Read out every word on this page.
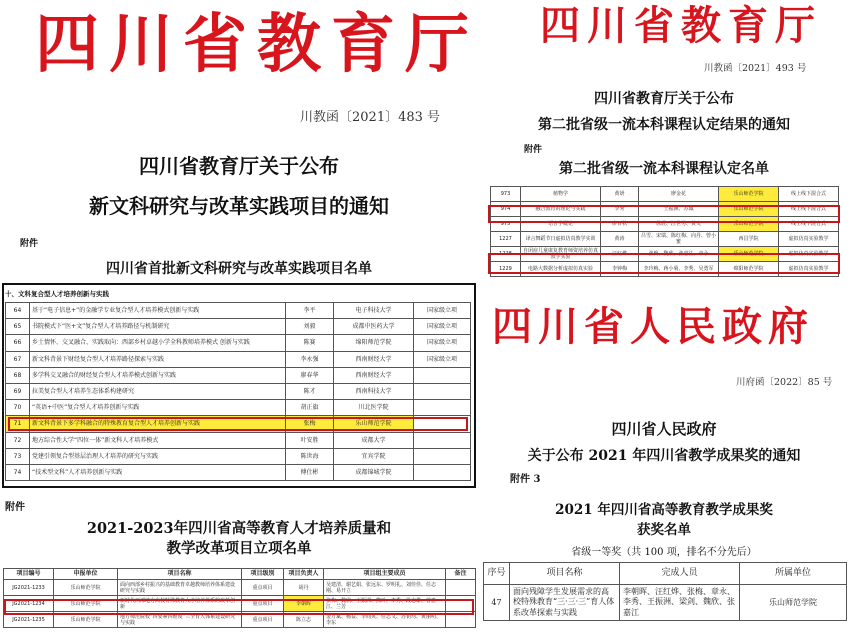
四川省教育厅
川教函〔2021〕483 号
四川省教育厅关于公布
新文科研究与改革实践项目的通知
附件
四川省首批新文科研究与改革实践项目名单
十、文科复合型人才培养创新与实践
64	基于“电子信息+”的金融学专业复合型人才培养模式创新与实践	李平	电子科技大学	国家级立项
65	书院模式下“医+文”复合型人才培养路径与机制研究	刘毅	成都中医药大学	国家级立项
66	乡土情怀、交叉融合、实践取向：西部乡村卓越小学全科教师培养模式 创新与实践	陈赛	绵阳师范学院	国家级立项
67	新文科背景下财经复合型人才培养路径探索与实践	李永强	西南财经大学	国家级立项
68	多学科交叉融合的财经复合型人才培养模式创新与实践	廖春华	西南财经大学	
69	拉美复合型人才培养生态体系构建研究	陈才	西南科技大学	
70	“英语+中医”复合型人才培养创新与实践	胡正旗	川北医学院	
71	新文科背景下多学科融合的特殊教育复合型人才培养创新与实践	张梅	乐山师范学院	
72	地方综合性大学“四位一体”新文科人才培养模式	叶安胜	成都大学	
73	党建引领复合型基层治理人才培养的研究与实践	陈世海	宜宾学院	
74	“技术型文科”人才培养创新与实践	傅仕彬	成都锦城学院	
附件
2021-2023年四川省高等教育人才培养质量和
教学改革项目立项名单
项目编号	申报单位	项目名称	项目级别	项目负责人	项目组主要成员	备注
JG2021-1233	乐山师范学院	面向西部乡村振兴的基础教育卓越教师培养体系建设研究与实践	重点项目	胡丹	吴建清、谢艺娟、张远东、罗明礼、刘佳佳、任志刚、易开立	
JG2021-1234	乐山师范学院	新时代西部地方高校特殊教育人才培养体系的改革创新	重点项目	李朝晖	张梅、魏欣、王振洲、熊玲、李秀、段志雄、曾惠江、兰芳	
JG2021-1235	乐山师范学院	地方师范院校“四要素四维度”三全育人体系建设研究与实践	重点项目	陈立志	金万斌、杨益、李间英、任志文、苏钥均、黄丽明、李东	
四川省教育厅
川教函〔2021〕493 号
四川省教育厅关于公布
第二批省级一流本科课程认定结果的通知
附件
第二批省级一流本科课程认定名单
973	植物学	黄妍	廖金花	乐山师范学院	线上线下混合式
974	融合教育的理论与实践	李秀	王振洲、苏诚	乐山师范学院	线上线下混合式
975	语言学概论	廖百秋	徐震、江世男、黄文	乐山师范学院	线上线下混合式
1227	译言舞蹈节日虚拟仿真教学实训	黄涛	吕雪、宋瑞、陈红梅、向丹、曾小蜜	西昌学院	虚拟仿真实验教学
1228	自闭症儿童康复教育师资培养仿真教学实验	汪红烨	张梅、魏欣、张嘉江、章永	乐山师范学院	虚拟仿真实验教学
1229	电路大数据分析虚拟仿真实验	李钟梅	李玲梅、蒋小菊、李秀、吴勇军	绵阳师范学院	虚拟仿真实验教学
四川省人民政府
川府函〔2022〕85 号
四川省人民政府
关于公布 2021 年四川省教学成果奖的通知
附件 3
2021 年四川省高等教育教学成果奖
获奖名单
省级一等奖（共 100 项，排名不分先后）
序号	项目名称	完成人员	所属单位
47	面向残障学生发展需求的高校特殊教育“三·三·三”育人体系改革探索与实践	李朝晖、汪红烨、张梅、章永、李秀、王振洲、梁剑、魏欣、张嘉江	乐山师范学院
